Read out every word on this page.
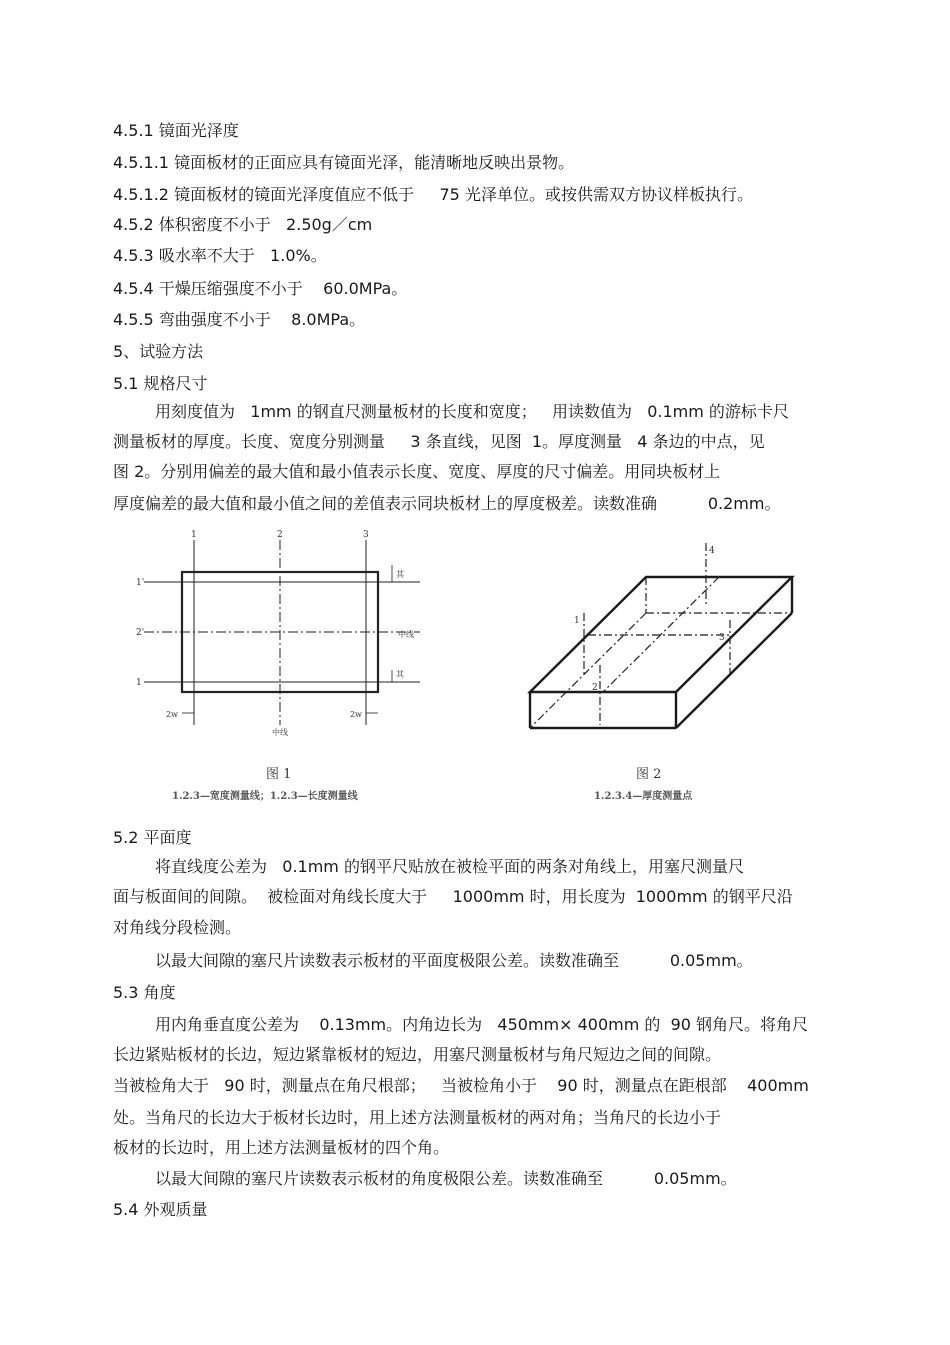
4.5.1 镜面光泽度
4.5.1.1 镜面板材的正面应具有镜面光泽，能清晰地反映出景物。
4.5.1.2 镜面板材的镜面光泽度值应不低于     75 光泽单位。或按供需双方协议样板执行。
4.5.2 体积密度不小于   2.50g／cm
4.5.3 吸水率不大于   1.0%。
4.5.4 干燥压缩强度不小于    60.0MPa。
4.5.5 弯曲强度不小于    8.0MPa。
5、试验方法
5.1 规格尺寸
用刻度值为   1mm 的钢直尺测量板材的长度和宽度；   用读数值为   0.1mm 的游标卡尺
测量板材的厚度。长度、宽度分别测量     3 条直线，见图  1。厚度测量   4 条边的中点，见
图 2。分别用偏差的最大值和最小值表示长度、宽度、厚度的尺寸偏差。用同块板材上
厚度偏差的最大值和最小值之间的差值表示同块板材上的厚度极差。读数准确          0.2mm。
5.2 平面度
将直线度公差为   0.1mm 的钢平尺贴放在被检平面的两条对角线上，用塞尺测量尺
面与板面间的间隙。  被检面对角线长度大于     1000mm 时，用长度为  1000mm 的钢平尺沿
对角线分段检测。
以最大间隙的塞尺片读数表示板材的平面度极限公差。读数准确至          0.05mm。
5.3 角度
用内角垂直度公差为    0.13mm。内角边长为   450mm× 400mm 的  90 钢角尺。将角尺
长边紧贴板材的长边，短边紧靠板材的短边，用塞尺测量板材与角尺短边之间的间隙。
当被检角大于   90 时，测量点在角尺根部；   当被检角小于    90 时，测量点在距根部    400mm
处。当角尺的长边大于板材长边时，用上述方法测量板材的两对角；当角尺的长边小于
板材的长边时，用上述方法测量板材的四个角。
以最大间隙的塞尺片读数表示板材的角度极限公差。读数准确至          0.05mm。
5.4 外观质量
1	2	3
1'
2'
1
其
中线
其
2w	2w
中线
图 1
1.2.3—宽度测量线；1.2.3—长度测量线
1
2
3
4
图 2
1.2.3.4—厚度测量点
